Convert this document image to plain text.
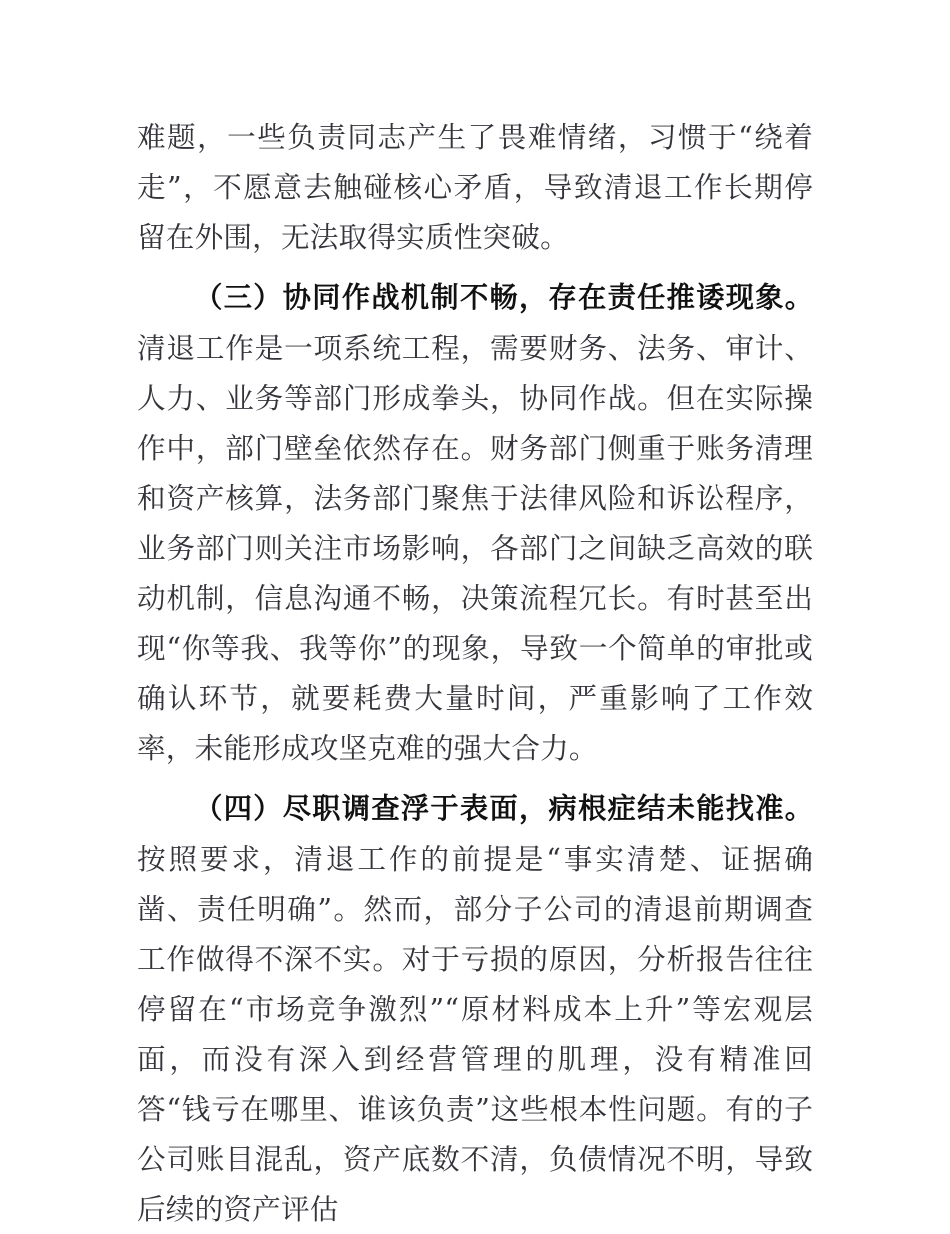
难题，一些负责同志产生了畏难情绪，习惯于“绕着走”，不愿意去触碰核心矛盾，导致清退工作长期停留在外围，无法取得实质性突破。

（三）协同作战机制不畅，存在责任推诿现象。清退工作是一项系统工程，需要财务、法务、审计、人力、业务等部门形成拳头，协同作战。但在实际操作中，部门壁垒依然存在。财务部门侧重于账务清理和资产核算，法务部门聚焦于法律风险和诉讼程序，业务部门则关注市场影响，各部门之间缺乏高效的联动机制，信息沟通不畅，决策流程冗长。有时甚至出现“你等我、我等你”的现象，导致一个简单的审批或确认环节，就要耗费大量时间，严重影响了工作效率，未能形成攻坚克难的强大合力。

（四）尽职调查浮于表面，病根症结未能找准。按照要求，清退工作的前提是“事实清楚、证据确凿、责任明确”。然而，部分子公司的清退前期调查工作做得不深不实。对于亏损的原因，分析报告往往停留在“市场竞争激烈”“原材料成本上升”等宏观层面，而没有深入到经营管理的肌理，没有精准回答“钱亏在哪里、谁该负责”这些根本性问题。有的子公司账目混乱，资产底数不清，负债情况不明，导致后续的资产评估
